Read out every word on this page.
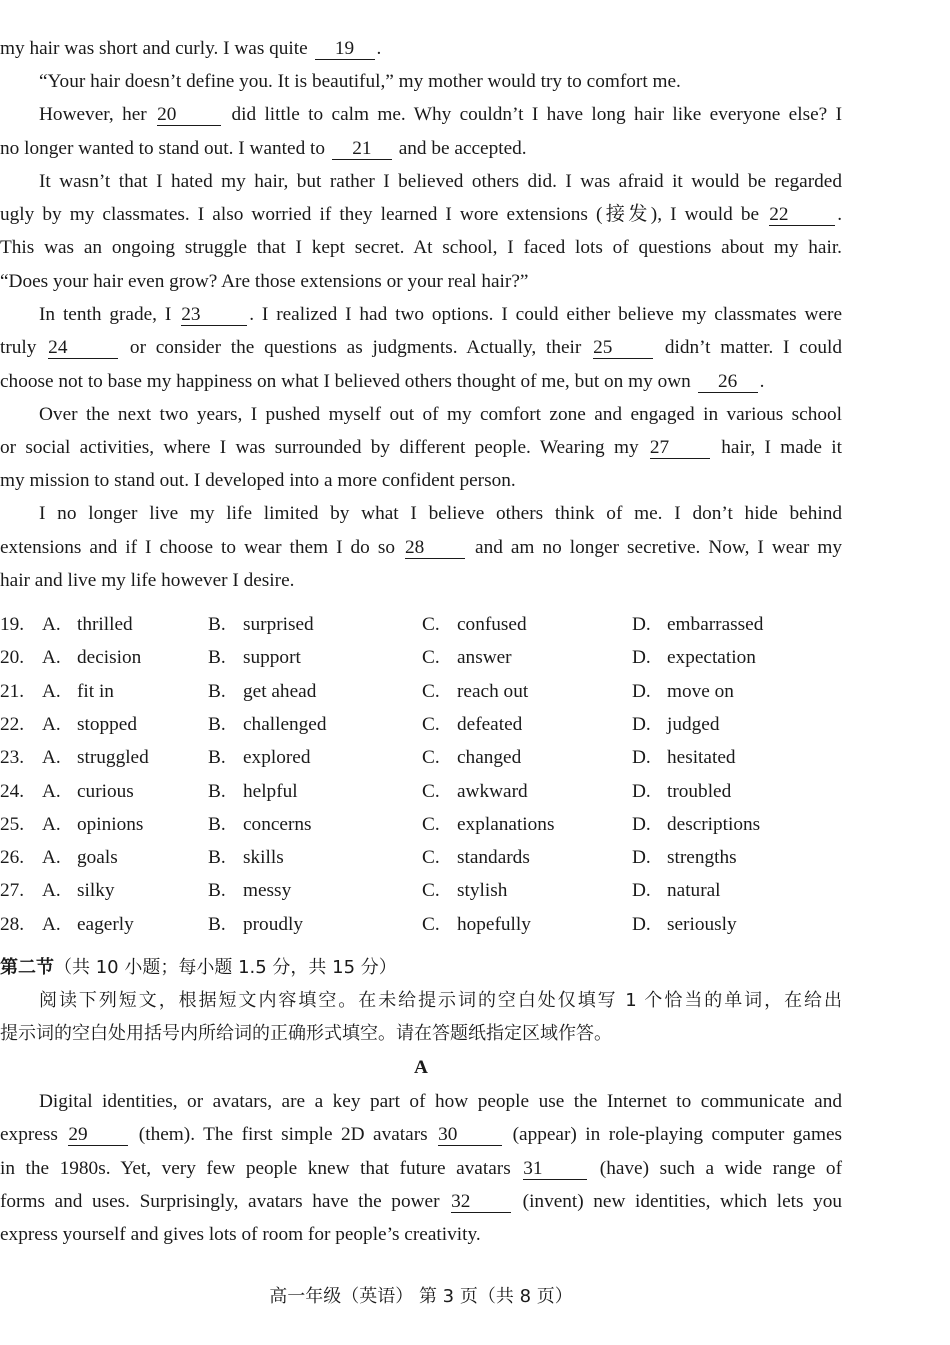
my hair was short and curly. I was quite 19 .
“Your hair doesn’t define you. It is beautiful,” my mother would try to comfort me.
However, her 20	did little to calm me. Why couldn’t I have long hair like everyone else? I
no longer wanted to stand out. I wanted to 21 and be accepted.
It wasn’t that I hated my hair, but rather I believed others did. I was afraid it would be regarded
ugly by my classmates. I also worried if they learned I wore extensions (接发), I would be 22	.
This was an ongoing struggle that I kept secret. At school, I faced lots of questions about my hair.
“Does your hair even grow? Are those extensions or your real hair?”
In tenth grade, I 23	. I realized I had two options. I could either believe my classmates were
truly 24	or consider the questions as judgments. Actually, their 25	didn’t matter. I could
choose not to base my happiness on what I believed others thought of me, but on my own 26 .
Over the next two years, I pushed myself out of my comfort zone and engaged in various school
or social activities, where I was surrounded by different people. Wearing my 27	hair, I made it
my mission to stand out. I developed into a more confident person.
I no longer live my life limited by what I believe others think of me. I don’t hide behind
extensions and if I choose to wear them I do so 28	and am no longer secretive. Now, I wear my
hair and live my life however I desire.
19. A. thrilled	B. surprised	C. confused	D. embarrassed
20. A. decision	B. support	C. answer	D. expectation
21. A. fit in	B. get ahead	C. reach out	D. move on
22. A. stopped	B. challenged	C. defeated	D. judged
23. A. struggled	B. explored	C. changed	D. hesitated
24. A. curious	B. helpful	C. awkward	D. troubled
25. A. opinions	B. concerns	C. explanations	D. descriptions
26. A. goals	B. skills	C. standards	D. strengths
27. A. silky	B. messy	C. stylish	D. natural
28. A. eagerly	B. proudly	C. hopefully	D. seriously
第二节（共 10 小题；每小题 1.5 分，共 15 分）
阅读下列短文，根据短文内容填空。在未给提示词的空白处仅填写 1 个恰当的单词，在给出
提示词的空白处用括号内所给词的正确形式填空。请在答题纸指定区域作答。
A
Digital identities, or avatars, are a key part of how people use the Internet to communicate and
express 29	(them). The first simple 2D avatars 30	(appear) in role-playing computer games
in the 1980s. Yet, very few people knew that future avatars 31	(have) such a wide range of
forms and uses. Surprisingly, avatars have the power 32	(invent) new identities, which lets you
express yourself and gives lots of room for people’s creativity.
高一年级（英语） 第 3 页（共 8 页）
